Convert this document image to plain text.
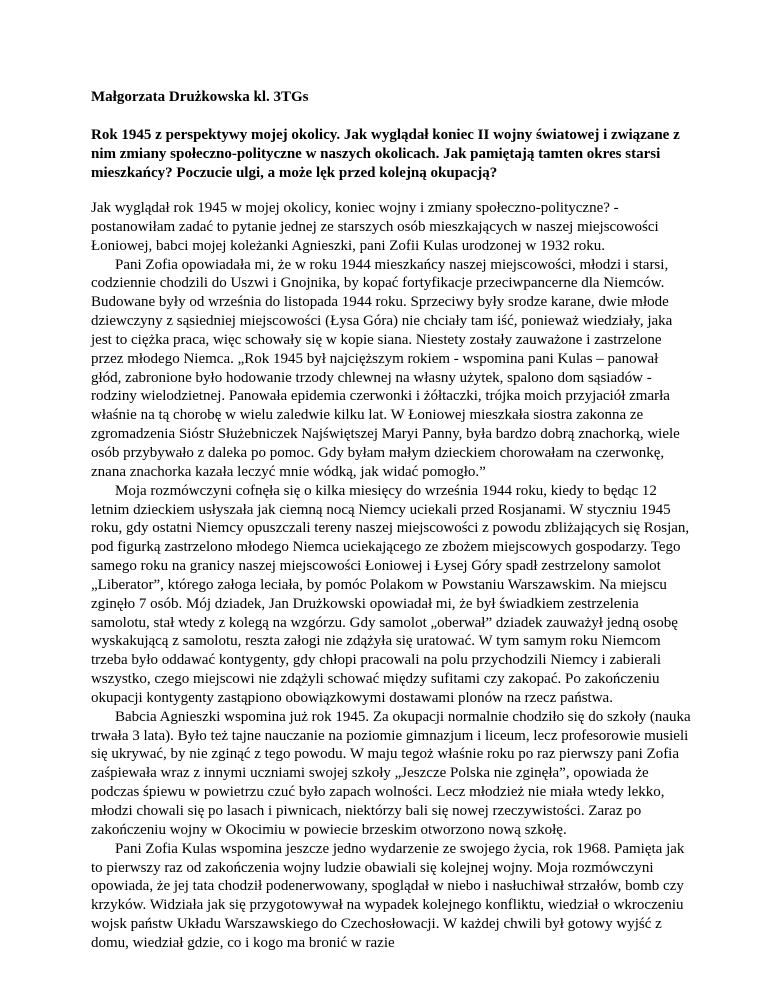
Małgorzata Drużkowska kl. 3TGs

Rok 1945 z perspektywy mojej okolicy. Jak wyglądał koniec II wojny światowej i związane z nim zmiany społeczno-polityczne w naszych okolicach. Jak pamiętają tamten okres starsi mieszkańcy? Poczucie ulgi, a może lęk przed kolejną okupacją?

Jak wyglądał rok 1945 w mojej okolicy, koniec wojny i zmiany społeczno-polityczne? - postanowiłam zadać to pytanie jednej ze starszych osób mieszkających w naszej miejscowości Łoniowej, babci mojej koleżanki Agnieszki, pani Zofii Kulas urodzonej w 1932 roku.
Pani Zofia opowiadała mi, że w roku 1944 mieszkańcy naszej miejscowości, młodzi i starsi, codziennie chodzili do Uszwi i Gnojnika, by kopać fortyfikacje przeciwpancerne dla Niemców. Budowane były od września do listopada 1944 roku. Sprzeciwy były srodze karane, dwie młode dziewczyny z sąsiedniej miejscowości (Łysa Góra) nie chciały tam iść, ponieważ wiedziały, jaka jest to ciężka praca, więc schowały się w kopie siana. Niestety zostały zauważone i zastrzelone przez młodego Niemca. „Rok 1945 był najcięższym rokiem - wspomina pani Kulas – panował głód, zabronione było hodowanie trzody chlewnej na własny użytek, spalono dom sąsiadów - rodziny wielodzietnej. Panowała epidemia czerwonki i żółtaczki, trójka moich przyjaciół zmarła właśnie na tą chorobę w wielu zaledwie kilku lat. W Łoniowej mieszkała siostra zakonna ze zgromadzenia Sióstr Służebniczek Najświętszej Maryi Panny, była bardzo dobrą znachorką, wiele osób przybywało z daleka po pomoc. Gdy byłam małym dzieckiem chorowałam na czerwonkę, znana znachorka kazała leczyć mnie wódką, jak widać pomogło.”
Moja rozmówczyni cofnęła się o kilka miesięcy do września 1944 roku, kiedy to będąc 12 letnim dzieckiem usłyszała jak ciemną nocą Niemcy uciekali przed Rosjanami. W styczniu 1945 roku, gdy ostatni Niemcy opuszczali tereny naszej miejscowości z powodu zbliżających się Rosjan, pod figurką zastrzelono młodego Niemca uciekającego ze zbożem miejscowych gospodarzy. Tego samego roku na granicy naszej miejscowości Łoniowej i Łysej Góry spadł zestrzelony samolot „Liberator”, którego załoga leciała, by pomóc Polakom w Powstaniu Warszawskim. Na miejscu zginęło 7 osób. Mój dziadek, Jan Drużkowski opowiadał mi, że był świadkiem zestrzelenia samolotu, stał wtedy z kolegą na wzgórzu. Gdy samolot „oberwał” dziadek zauważył jedną osobę wyskakującą z samolotu, reszta załogi nie zdążyła się uratować. W tym samym roku Niemcom trzeba było oddawać kontygenty, gdy chłopi pracowali na polu przychodzili Niemcy i zabierali wszystko, czego miejscowi nie zdążyli schować między sufitami czy zakopać. Po zakończeniu okupacji kontygenty zastąpiono obowiązkowymi dostawami plonów na rzecz państwa.
Babcia Agnieszki wspomina już rok 1945. Za okupacji normalnie chodziło się do szkoły (nauka trwała 3 lata). Było też tajne nauczanie na poziomie gimnazjum i liceum, lecz profesorowie musieli się ukrywać, by nie zginąć z tego powodu. W maju tegoż właśnie roku po raz pierwszy pani Zofia zaśpiewała wraz z innymi uczniami swojej szkoły „Jeszcze Polska nie zginęła”, opowiada że podczas śpiewu w powietrzu czuć było zapach wolności. Lecz młodzież nie miała wtedy lekko, młodzi chowali się po lasach i piwnicach, niektórzy bali się nowej rzeczywistości. Zaraz po zakończeniu wojny w Okocimiu w powiecie brzeskim otworzono nową szkołę.
Pani Zofia Kulas wspomina jeszcze jedno wydarzenie ze swojego życia, rok 1968. Pamięta jak to pierwszy raz od zakończenia wojny ludzie obawiali się kolejnej wojny. Moja rozmówczyni opowiada, że jej tata chodził podenerwowany, spoglądał w niebo i nasłuchiwał strzałów, bomb czy krzyków. Widziała jak się przygotowywał na wypadek kolejnego konfliktu, wiedział o wkroczeniu wojsk państw Układu Warszawskiego do Czechosłowacji. W każdej chwili był gotowy wyjść z domu, wiedział gdzie, co i kogo ma bronić w razie
